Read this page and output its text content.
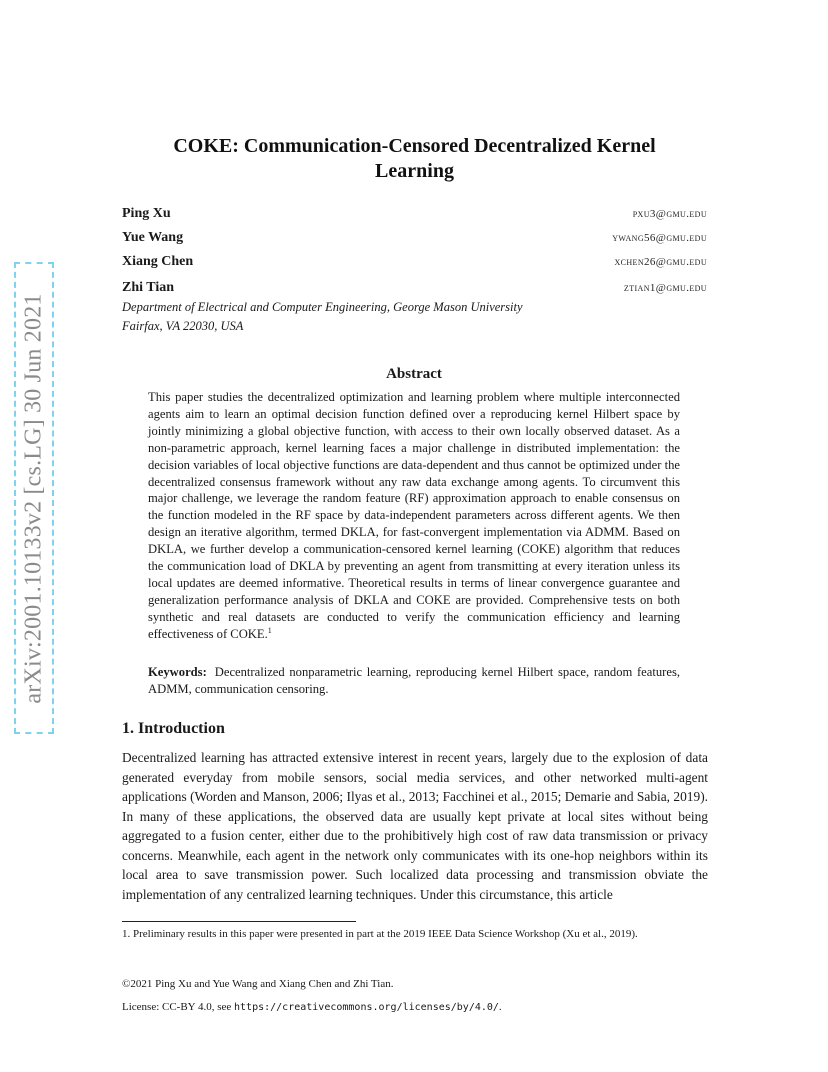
arXiv:2001.10133v2 [cs.LG] 30 Jun 2021
COKE: Communication-Censored Decentralized Kernel
Learning
Ping Xu	pxu3@gmu.edu
Yue Wang	ywang56@gmu.edu
Xiang Chen	xchen26@gmu.edu
Zhi Tian	ztian1@gmu.edu
Department of Electrical and Computer Engineering, George Mason University
Fairfax, VA 22030, USA
Abstract
This paper studies the decentralized optimization and learning problem where multiple interconnected agents aim to learn an optimal decision function defined over a reproducing kernel Hilbert space by jointly minimizing a global objective function, with access to their own locally observed dataset. As a non-parametric approach, kernel learning faces a major challenge in distributed implementation: the decision variables of local objective functions are data-dependent and thus cannot be optimized under the decentralized consensus framework without any raw data exchange among agents. To circumvent this major challenge, we leverage the random feature (RF) approximation approach to enable consensus on the function modeled in the RF space by data-independent parameters across different agents. We then design an iterative algorithm, termed DKLA, for fast-convergent implementation via ADMM. Based on DKLA, we further develop a communication-censored kernel learning (COKE) algorithm that reduces the communication load of DKLA by preventing an agent from transmitting at every iteration unless its local updates are deemed informative. Theoretical results in terms of linear convergence guarantee and generalization performance analysis of DKLA and COKE are provided. Comprehensive tests on both synthetic and real datasets are conducted to verify the communication efficiency and learning effectiveness of COKE.$^1$
Keywords: Decentralized nonparametric learning, reproducing kernel Hilbert space, random features, ADMM, communication censoring.
1. Introduction
Decentralized learning has attracted extensive interest in recent years, largely due to the explosion of data generated everyday from mobile sensors, social media services, and other networked multi-agent applications (Worden and Manson, 2006; Ilyas et al., 2013; Facchinei et al., 2015; Demarie and Sabia, 2019). In many of these applications, the observed data are usually kept private at local sites without being aggregated to a fusion center, either due to the prohibitively high cost of raw data transmission or privacy concerns. Meanwhile, each agent in the network only communicates with its one-hop neighbors within its local area to save transmission power. Such localized data processing and transmission obviate the implementation of any centralized learning techniques. Under this circumstance, this article
1. Preliminary results in this paper were presented in part at the 2019 IEEE Data Science Workshop (Xu et al., 2019).
©2021 Ping Xu and Yue Wang and Xiang Chen and Zhi Tian.
License: CC-BY 4.0, see https://creativecommons.org/licenses/by/4.0/.
